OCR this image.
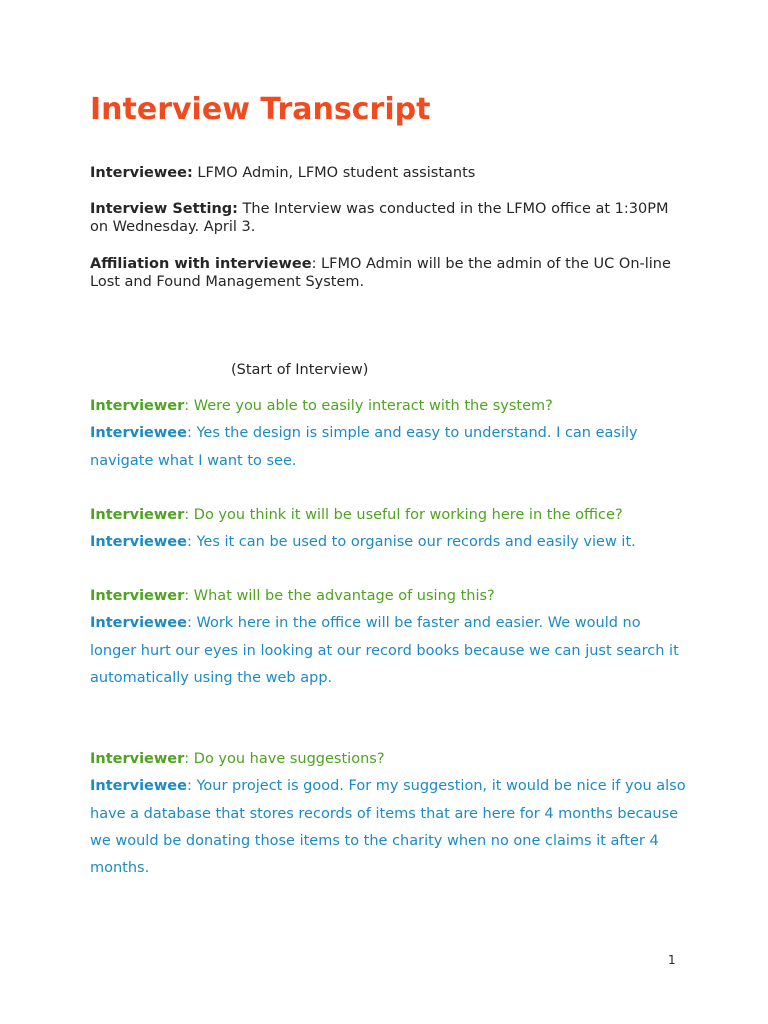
Interview Transcript

Interviewee: LFMO Admin, LFMO student assistants

Interview Setting: The Interview was conducted in the LFMO office at 1:30PM on Wednesday. April 3.

Affiliation with interviewee: LFMO Admin will be the admin of the UC On-line Lost and Found Management System.

(Start of Interview)
Interviewer: Were you able to easily interact with the system?
Interviewee: Yes the design is simple and easy to understand. I can easily navigate what I want to see.
Interviewer: Do you think it will be useful for working here in the office?
Interviewee: Yes it can be used to organise our records and easily view it.
Interviewer: What will be the advantage of using this?
Interviewee: Work here in the office will be faster and easier. We would no longer hurt our eyes in looking at our record books because we can just search it automatically using the web app.
Interviewer: Do you have suggestions?
Interviewee: Your project is good. For my suggestion, it would be nice if you also have a database that stores records of items that are here for 4 months because we would be donating those items to the charity when no one claims it after 4 months.
1
